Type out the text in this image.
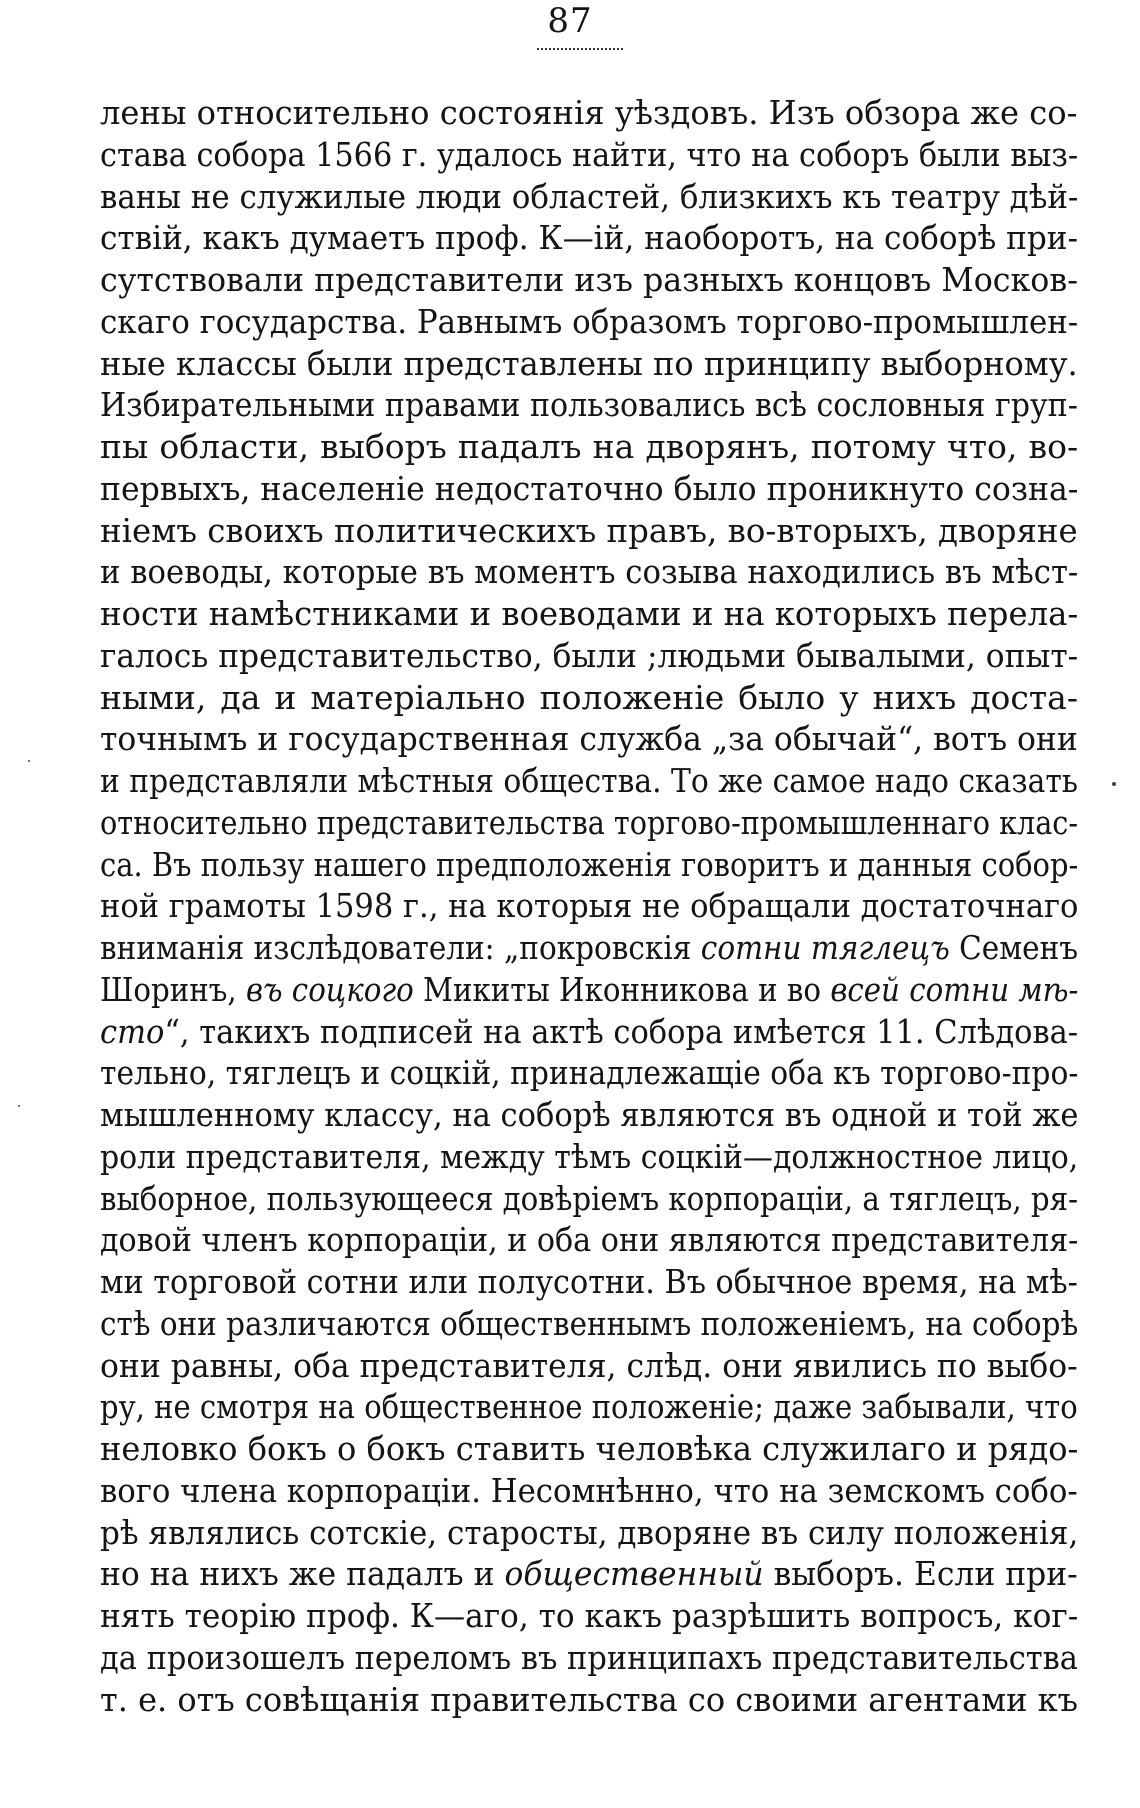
87
лены относительно состоянія уѣздовъ. Изъ обзора же со-
става собора 1566 г. удалось найти, что на соборъ были выз-
ваны не служилые люди областей, близкихъ къ театру дѣй-
ствій, какъ думаетъ проф. К—ій, наоборотъ, на соборѣ при-
сутствовали представители изъ разныхъ концовъ Москов-
скаго государства. Равнымъ образомъ торгово-промышлен-
ные классы были представлены по принципу выборному.
Избирательными правами пользовались всѣ сословныя груп-
пы области, выборъ падалъ на дворянъ, потому что, во-
первыхъ, населеніе недостаточно было проникнуто созна-
ніемъ своихъ политическихъ правъ, во-вторыхъ, дворяне
и воеводы, которые въ моментъ созыва находились въ мѣст-
ности намѣстниками и воеводами и на которыхъ перела-
галось представительство, были ;людьми бывалыми, опыт-
ными, да и матеріально положеніе было у нихъ доста-
точнымъ и государственная служба „за обычай“, вотъ они
и представляли мѣстныя общества. То же самое надо сказать
относительно представительства торгово-промышленнаго клас-
са. Въ пользу нашего предположенія говоритъ и данныя собор-
ной грамоты 1598 г., на которыя не обращали достаточнаго
вниманія изслѣдователи: „покровскія сотни тяглецъ Семенъ
Шоринъ, въ соцкого Микиты Иконникова и во всей сотни мѣ-
сто“, такихъ подписей на актѣ собора имѣется 11. Слѣдова-
тельно, тяглецъ и соцкій, принадлежащіе оба къ торгово-про-
мышленному классу, на соборѣ являются въ одной и той же
роли представителя, между тѣмъ соцкій—должностное лицо,
выборное, пользующееся довѣріемъ корпораціи, а тяглецъ, ря-
довой членъ корпораціи, и оба они являются представителя-
ми торговой сотни или полусотни. Въ обычное время, на мѣ-
стѣ они различаются общественнымъ положеніемъ, на соборѣ
они равны, оба представителя, слѣд. они явились по выбо-
ру, не смотря на общественное положеніе; даже забывали, что
неловко бокъ о бокъ ставить человѣка служилаго и рядо-
вого члена корпораціи. Несомнѣнно, что на земскомъ собо-
рѣ являлись сотскіе, старосты, дворяне въ силу положенія,
но на нихъ же падалъ и общественный выборъ. Если при-
нять теорію проф. К—аго, то какъ разрѣшить вопросъ, ког-
да произошелъ переломъ въ принципахъ представительства
т. е. отъ совѣщанія правительства со своими агентами къ
